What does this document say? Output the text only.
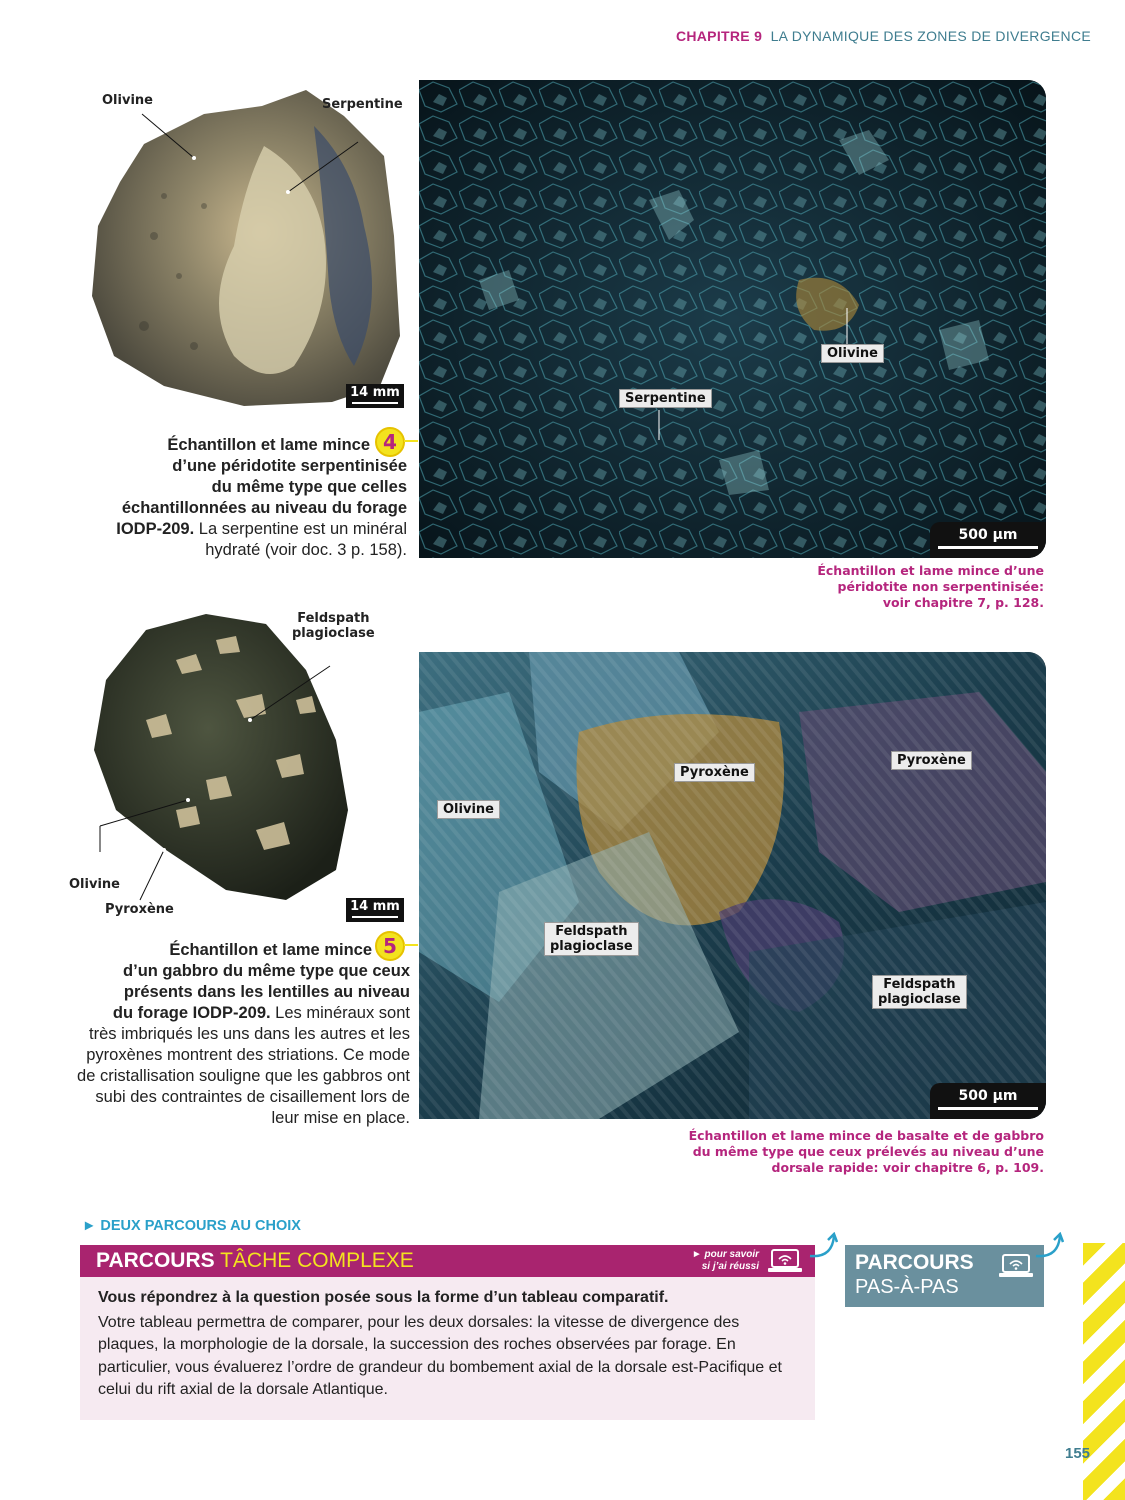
CHAPITRE 9 LA DYNAMIQUE DES ZONES DE DIVERGENCE
Olivine	Serpentine
14 mm
Olivine
Serpentine
500 µm
4
Échantillon et lame mince
d’une péridotite serpentinisée
du même type que celles
échantillonnées au niveau du forage
IODP-209. La serpentine est un minéral
hydraté (voir doc. 3 p. 158).
Échantillon et lame mince d’une
péridotite non serpentinisée:
voir chapitre 7, p. 128.
Feldspath
plagioclase
Olivine
Pyroxène	14 mm
Pyroxène
Pyroxène
Olivine
Feldspath
plagioclase
Feldspath
plagioclase
500 µm
5
Échantillon et lame mince
d’un gabbro du même type que ceux
présents dans les lentilles au niveau
du forage IODP-209. Les minéraux sont
très imbriqués les uns dans les autres et les
pyroxènes montrent des striations. Ce mode
de cristallisation souligne que les gabbros ont
subi des contraintes de cisaillement lors de
leur mise en place.
Échantillon et lame mince de basalte et de gabbro
du même type que ceux prélevés au niveau d’une
dorsale rapide: voir chapitre 6, p. 109.
► DEUX PARCOURS AU CHOIX
PARCOURS TÂCHE COMPLEXE	► pour savoir
si j’ai réussi
Vous répondrez à la question posée sous la forme d’un tableau comparatif.
Votre tableau permettra de comparer, pour les deux dorsales: la vitesse de divergence des
plaques, la morphologie de la dorsale, la succession des roches observées par forage. En
particulier, vous évaluerez l’ordre de grandeur du bombement axial de la dorsale est-Pacifique et
celui du rift axial de la dorsale Atlantique.
PARCOURS
PAS-À-PAS
155
